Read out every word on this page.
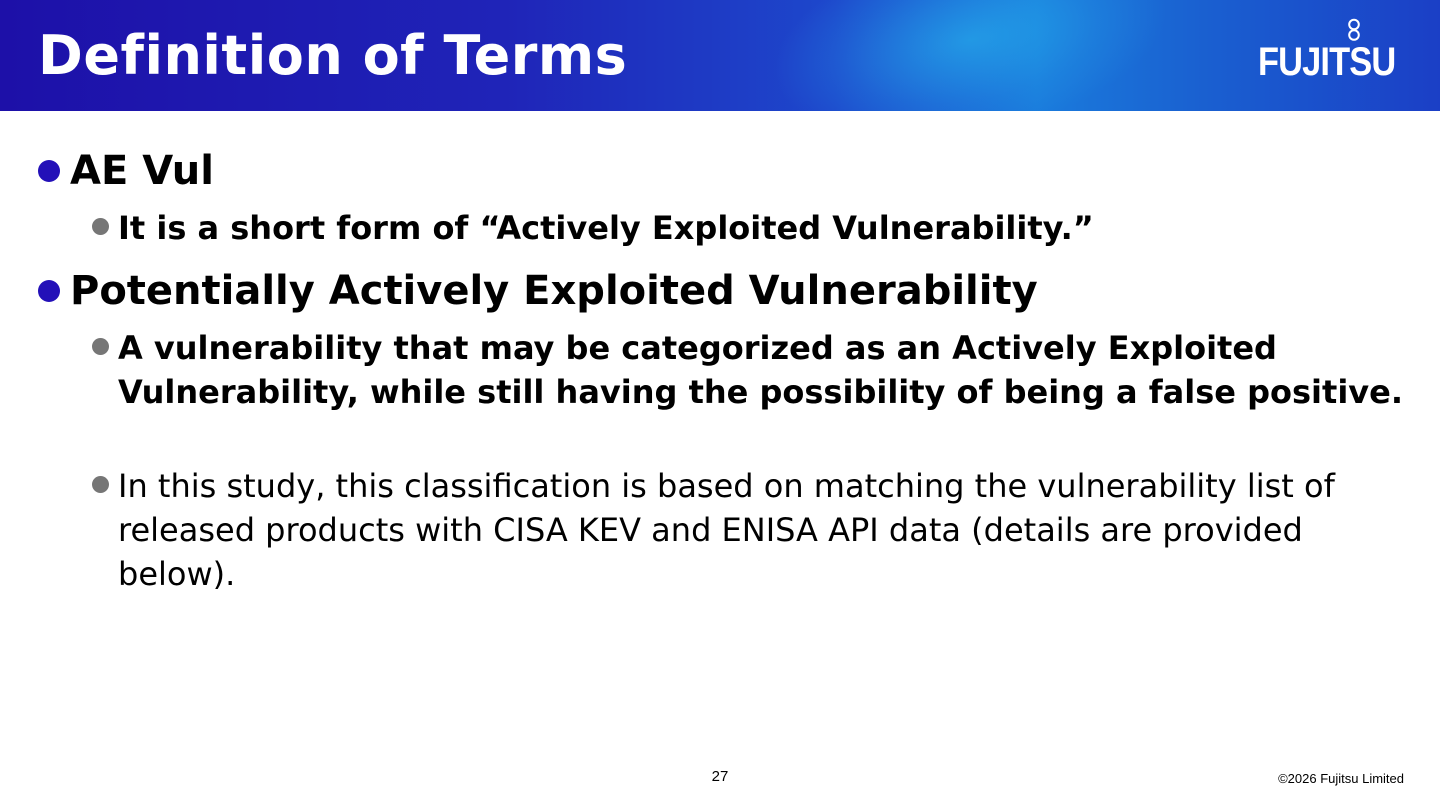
Definition of Terms	FUJITSU
AE Vul
It is a short form of “Actively Exploited Vulnerability.”
Potentially Actively Exploited Vulnerability
A vulnerability that may be categorized as an Actively Exploited Vulnerability, while still having the possibility of being a false positive.
In this study, this classification is based on matching the vulnerability list of released products with CISA KEV and ENISA API data (details are provided below).
27	©2026 Fujitsu Limited
